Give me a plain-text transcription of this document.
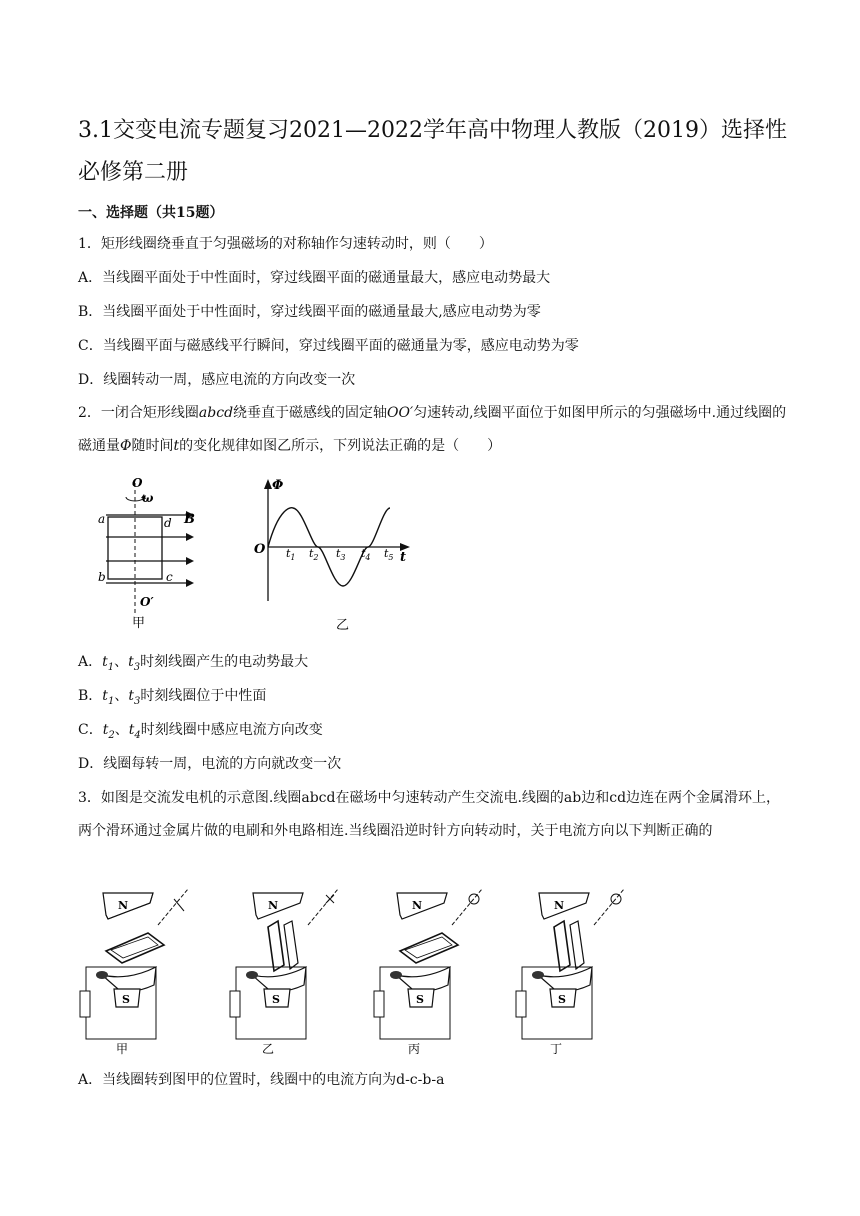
3.1交变电流专题复习2021—2022学年高中物理人教版（2019）选择性必修第二册
一、选择题（共15题）
1．矩形线圈绕垂直于匀强磁场的对称轴作匀速转动时，则（　　）
A．当线圈平面处于中性面时，穿过线圈平面的磁通量最大，感应电动势最大
B．当线圈平面处于中性面时，穿过线圈平面的磁通量最大,感应电动势为零
C．当线圈平面与磁感线平行瞬间，穿过线圈平面的磁通量为零，感应电动势为零
D．线圈转动一周，感应电流的方向改变一次
2．一闭合矩形线圈abcd绕垂直于磁感线的固定轴OO′匀速转动,线圈平面位于如图甲所示的匀强磁场中.通过线圈的磁通量Φ随时间t的变化规律如图乙所示，下列说法正确的是（　　）
O
ω
B
a	d
b	c
O′
甲
Φ
O
t
$t_1$ $t_2$ $t_3$ $t_4$ $t_5$
乙
A．$t_1$、$t_3$时刻线圈产生的电动势最大
B．$t_1$、$t_3$时刻线圈位于中性面
C．$t_2$、$t_4$时刻线圈中感应电流方向改变
D．线圈每转一周，电流的方向就改变一次
3．如图是交流发电机的示意图.线圈abcd在磁场中匀速转动产生交流电.线圈的ab边和cd边连在两个金属滑环上，两个滑环通过金属片做的电刷和外电路相连.当线圈沿逆时针方向转动时，关于电流方向以下判断正确的
N
S
甲
N
S
乙
N
S
丙
N
S
丁
A．当线圈转到图甲的位置时，线圈中的电流方向为d-c-b-a
